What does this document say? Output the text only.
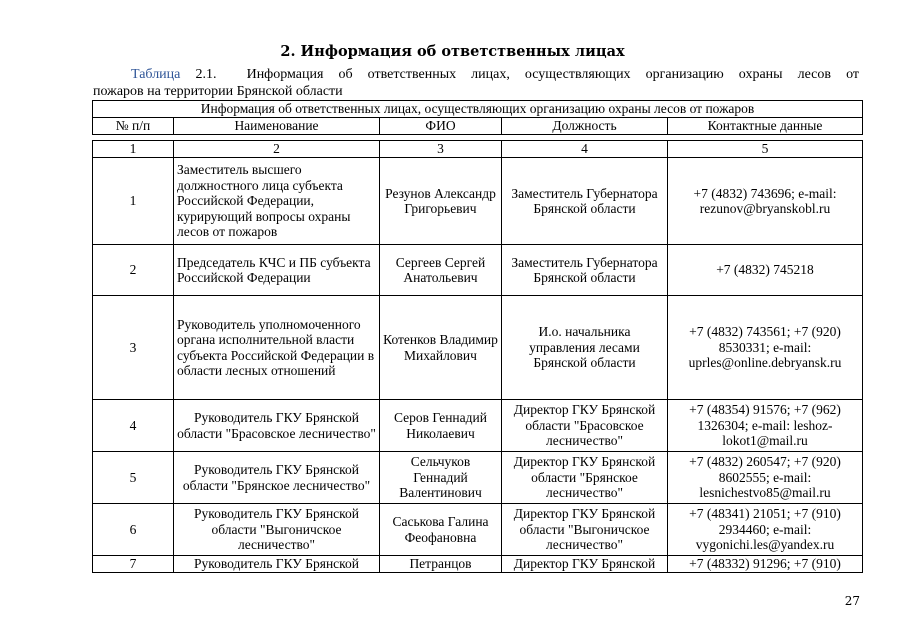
2. Информация об ответственных лицах
Таблица 2.1. Информация об ответственных лицах, осуществляющих организацию охраны лесов от
пожаров на территории Брянской области
Информация об ответственных лицах, осуществляющих организацию охраны лесов от пожаров
№ п/п	Наименование	ФИО	Должность	Контактные данные
1	2	3	4	5
1	Заместитель высшего должностного лица субъекта Российской Федерации, курирующий вопросы охраны лесов от пожаров	Резунов Александр Григорьевич	Заместитель Губернатора Брянской области	+7 (4832) 743696; e-mail: rezunov@bryanskobl.ru
2	Председатель КЧС и ПБ субъекта Российской Федерации	Сергеев Сергей Анатольевич	Заместитель Губернатора Брянской области	+7 (4832) 745218
3	Руководитель уполномоченного органа исполнительной власти субъекта Российской Федерации в области лесных отношений	Котенков Владимир Михайлович	И.о. начальника управления лесами Брянской области	+7 (4832) 743561; +7 (920) 8530331; e-mail: uprles@online.debryansk.ru
4	Руководитель ГКУ Брянской области "Брасовское лесничество"	Серов Геннадий Николаевич	Директор ГКУ Брянской области "Брасовское лесничество"	+7 (48354) 91576; +7 (962) 1326304; e-mail: leshoz-lokot1@mail.ru
5	Руководитель ГКУ Брянской области "Брянское лесничество"	Сельчуков Геннадий Валентинович	Директор ГКУ Брянской области "Брянское лесничество"	+7 (4832) 260547; +7 (920) 8602555; e-mail: lesnichestvo85@mail.ru
6	Руководитель ГКУ Брянской области "Выгоничское лесничество"	Саськова Галина Феофановна	Директор ГКУ Брянской области "Выгоничское лесничество"	+7 (48341) 21051; +7 (910) 2934460; e-mail: vygonichi.les@yandex.ru
7	Руководитель ГКУ Брянской	Петранцов	Директор ГКУ Брянской	+7 (48332) 91296; +7 (910)
27
